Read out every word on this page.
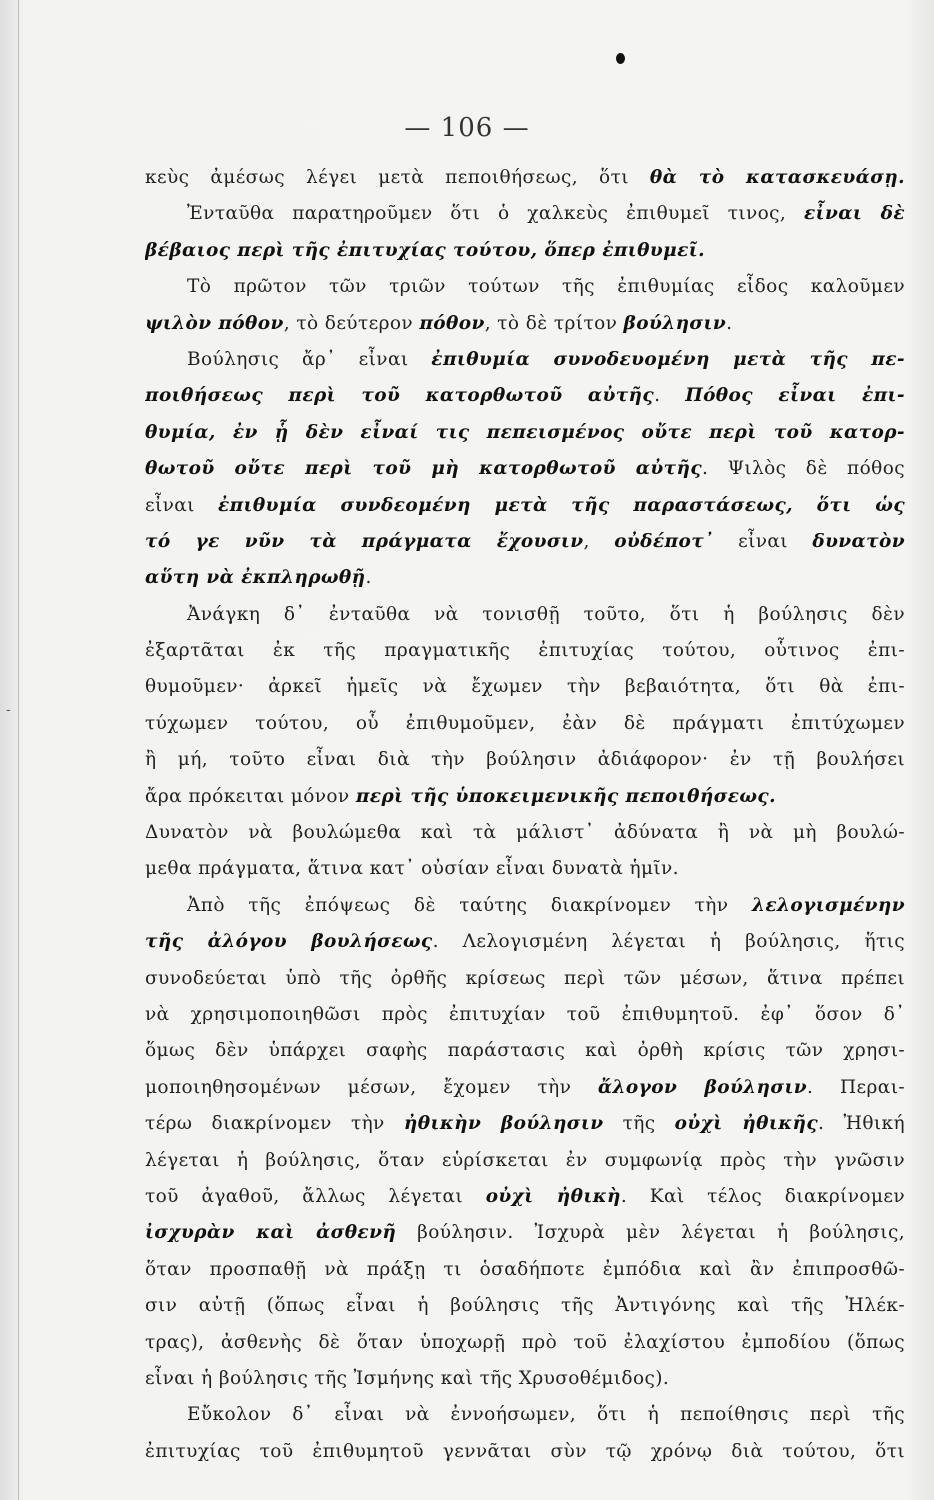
— 106 —
-
κεὺς ἀμέσως λέγει μετὰ πεποιθήσεως, ὅτι θὰ τὸ κατασκευάσῃ.
Ἐνταῦθα παρατηροῦμεν ὅτι ὁ χαλκεὺς ἐπιθυμεῖ τινος, εἶναι δὲ
βέβαιος περὶ τῆς ἐπιτυχίας τούτου, ὅπερ ἐπιθυμεῖ.
Τὸ πρῶτον τῶν τριῶν τούτων τῆς ἐπιθυμίας εἶδος καλοῦμεν
ψιλὸν πόθον, τὸ δεύτερον πόθον, τὸ δὲ τρίτον βούλησιν.
Βούλησις ἄρ᾽ εἶναι ἐπιθυμία συνοδευομένη μετὰ τῆς πε-
ποιθήσεως περὶ τοῦ κατορθωτοῦ αὐτῆς. Πόθος εἶναι ἐπι-
θυμία, ἐν ᾗ δὲν εἶναί τις πεπεισμένος οὔτε περὶ τοῦ κατορ-
θωτοῦ οὔτε περὶ τοῦ μὴ κατορθωτοῦ αὐτῆς. Ψιλὸς δὲ πόθος
εἶναι ἐπιθυμία συνδεομένη μετὰ τῆς παραστάσεως, ὅτι ὡς
τό γε νῦν τὰ πράγματα ἔχουσιν, οὐδέποτ᾽ εἶναι δυνατὸν
αὕτη νὰ ἐκπληρωθῇ.
Ἀνάγκη δ᾽ ἐνταῦθα νὰ τονισθῇ τοῦτο, ὅτι ἡ βούλησις δὲν
ἐξαρτᾶται ἐκ τῆς πραγματικῆς ἐπιτυχίας τούτου, οὗτινος ἐπι-
θυμοῦμεν· ἀρκεῖ ἡμεῖς νὰ ἔχωμεν τὴν βεβαιότητα, ὅτι θὰ ἐπι-
τύχωμεν τούτου, οὗ ἐπιθυμοῦμεν, ἐὰν δὲ πράγματι ἐπιτύχωμεν
ἢ μή, τοῦτο εἶναι διὰ τὴν βούλησιν ἀδιάφορον· ἐν τῇ βουλήσει
ἄρα πρόκειται μόνον περὶ τῆς ὑποκειμενικῆς πεποιθήσεως.
Δυνατὸν νὰ βουλώμεθα καὶ τὰ μάλιστ᾽ ἀδύνατα ἢ νὰ μὴ βουλώ-
μεθα πράγματα, ἅτινα κατ᾽ οὐσίαν εἶναι δυνατὰ ἡμῖν.
Ἀπὸ τῆς ἐπόψεως δὲ ταύτης διακρίνομεν τὴν λελογισμένην
τῆς ἀλόγου βουλήσεως. Λελογισμένη λέγεται ἡ βούλησις, ἥτις
συνοδεύεται ὑπὸ τῆς ὀρθῆς κρίσεως περὶ τῶν μέσων, ἅτινα πρέπει
νὰ χρησιμοποιηθῶσι πρὸς ἐπιτυχίαν τοῦ ἐπιθυμητοῦ. ἐφ᾽ ὅσον δ᾽
ὅμως δὲν ὑπάρχει σαφὴς παράστασις καὶ ὀρθὴ κρίσις τῶν χρησι-
μοποιηθησομένων μέσων, ἔχομεν τὴν ἄλογον βούλησιν. Περαι-
τέρω διακρίνομεν τὴν ἠθικὴν βούλησιν τῆς οὐχὶ ἠθικῆς. Ἠθική
λέγεται ἡ βούλησις, ὅταν εὑρίσκεται ἐν συμφωνίᾳ πρὸς τὴν γνῶσιν
τοῦ ἀγαθοῦ, ἄλλως λέγεται οὐχὶ ἠθικὴ. Καὶ τέλος διακρίνομεν
ἰσχυρὰν καὶ ἀσθενῆ βούλησιν. Ἰσχυρὰ μὲν λέγεται ἡ βούλησις,
ὅταν προσπαθῇ νὰ πράξῃ τι ὁσαδήποτε ἐμπόδια καὶ ἂν ἐπιπροσθῶ-
σιν αὐτῇ (ὅπως εἶναι ἡ βούλησις τῆς Ἀντιγόνης καὶ τῆς Ἠλέκ-
τρας), ἀσθενὴς δὲ ὅταν ὑποχωρῇ πρὸ τοῦ ἐλαχίστου ἐμποδίου (ὅπως
εἶναι ἡ βούλησις τῆς Ἰσμήνης καὶ τῆς Χρυσοθέμιδος).
Εὔκολον δ᾽ εἶναι νὰ ἐννοήσωμεν, ὅτι ἡ πεποίθησις περὶ τῆς
ἐπιτυχίας τοῦ ἐπιθυμητοῦ γεννᾶται σὺν τῷ χρόνῳ διὰ τούτου, ὅτι
